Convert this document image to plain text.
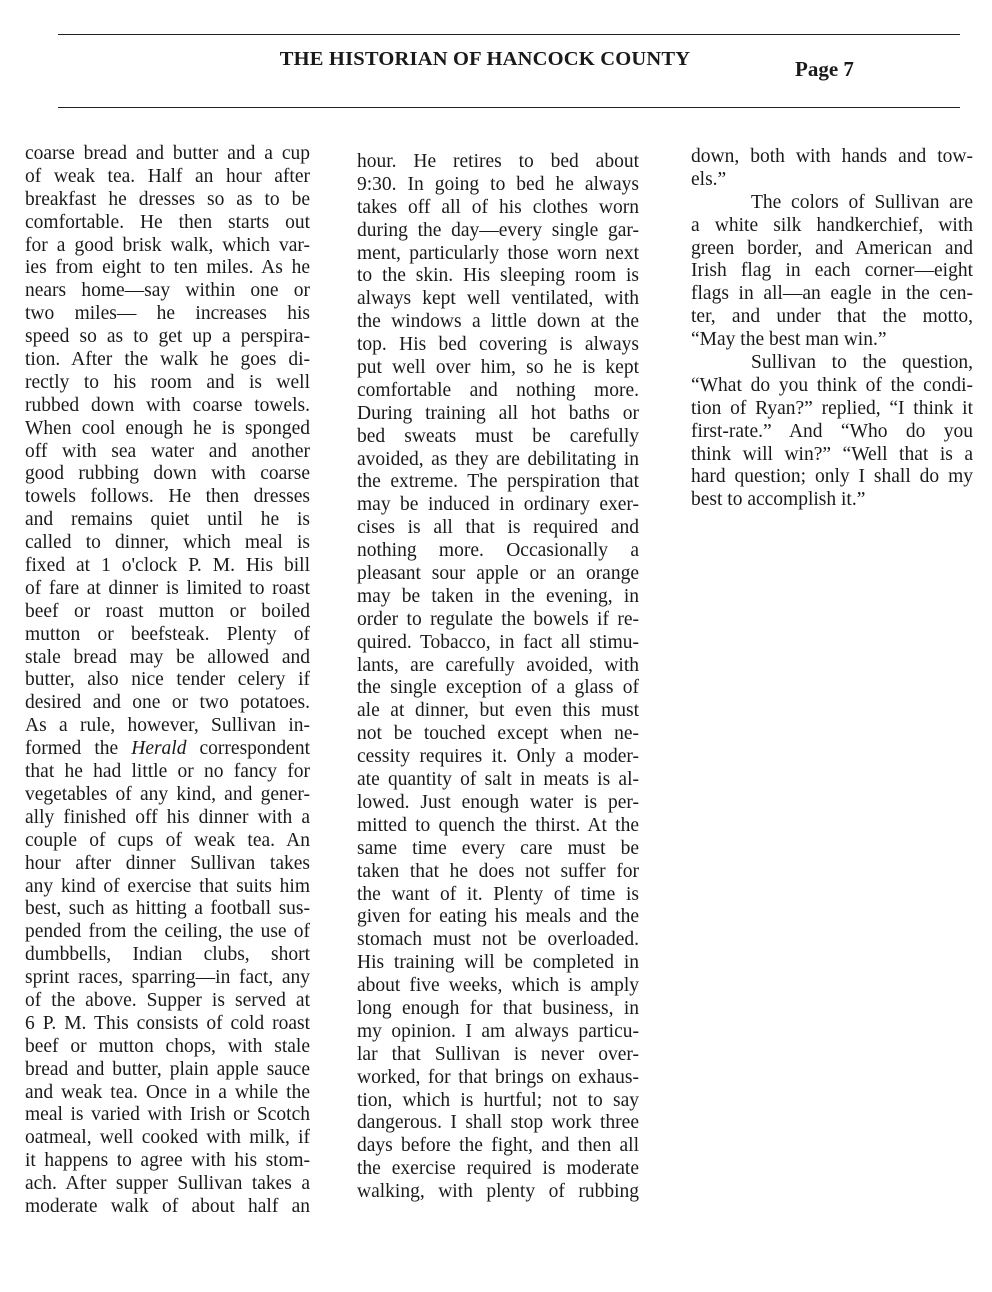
THE HISTORIAN OF HANCOCK COUNTY	Page 7
coarse bread and butter and a cup
of weak tea. Half an hour after
breakfast he dresses so as to be
comfortable. He then starts out
for a good brisk walk, which var-
ies from eight to ten miles. As he
nears home—say within one or
two miles— he increases his
speed so as to get up a perspira-
tion. After the walk he goes di-
rectly to his room and is well
rubbed down with coarse towels.
When cool enough he is sponged
off with sea water and another
good rubbing down with coarse
towels follows. He then dresses
and remains quiet until he is
called to dinner, which meal is
fixed at 1 o'clock P. M. His bill
of fare at dinner is limited to roast
beef or roast mutton or boiled
mutton or beefsteak. Plenty of
stale bread may be allowed and
butter, also nice tender celery if
desired and one or two potatoes.
As a rule, however, Sullivan in-
formed the Herald correspondent
that he had little or no fancy for
vegetables of any kind, and gener-
ally finished off his dinner with a
couple of cups of weak tea. An
hour after dinner Sullivan takes
any kind of exercise that suits him
best, such as hitting a football sus-
pended from the ceiling, the use of
dumbbells, Indian clubs, short
sprint races, sparring—in fact, any
of the above. Supper is served at
6 P. M. This consists of cold roast
beef or mutton chops, with stale
bread and butter, plain apple sauce
and weak tea. Once in a while the
meal is varied with Irish or Scotch
oatmeal, well cooked with milk, if
it happens to agree with his stom-
ach. After supper Sullivan takes a
moderate walk of about half an
hour. He retires to bed about
9:30. In going to bed he always
takes off all of his clothes worn
during the day—every single gar-
ment, particularly those worn next
to the skin. His sleeping room is
always kept well ventilated, with
the windows a little down at the
top. His bed covering is always
put well over him, so he is kept
comfortable and nothing more.
During training all hot baths or
bed sweats must be carefully
avoided, as they are debilitating in
the extreme. The perspiration that
may be induced in ordinary exer-
cises is all that is required and
nothing more. Occasionally a
pleasant sour apple or an orange
may be taken in the evening, in
order to regulate the bowels if re-
quired. Tobacco, in fact all stimu-
lants, are carefully avoided, with
the single exception of a glass of
ale at dinner, but even this must
not be touched except when ne-
cessity requires it. Only a moder-
ate quantity of salt in meats is al-
lowed. Just enough water is per-
mitted to quench the thirst. At the
same time every care must be
taken that he does not suffer for
the want of it. Plenty of time is
given for eating his meals and the
stomach must not be overloaded.
His training will be completed in
about five weeks, which is amply
long enough for that business, in
my opinion. I am always particu-
lar that Sullivan is never over-
worked, for that brings on exhaus-
tion, which is hurtful; not to say
dangerous. I shall stop work three
days before the fight, and then all
the exercise required is moderate
walking, with plenty of rubbing
down, both with hands and tow-
els.”
The colors of Sullivan are
a white silk handkerchief, with
green border, and American and
Irish flag in each corner—eight
flags in all—an eagle in the cen-
ter, and under that the motto,
“May the best man win.”
Sullivan to the question,
“What do you think of the condi-
tion of Ryan?” replied, “I think it
first-rate.” And “Who do you
think will win?” “Well that is a
hard question; only I shall do my
best to accomplish it.”
